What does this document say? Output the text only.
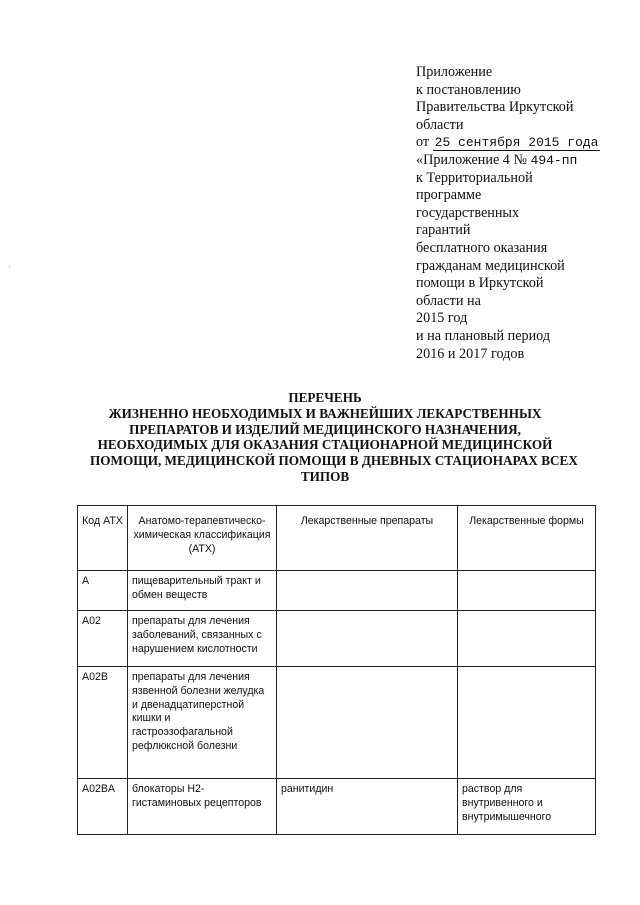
·
Приложение
к постановлению
Правительства Иркутской
области
от 25 сентября 2015 года
«Приложение 4 № 494-пп
к Территориальной
программе
государственных
гарантий
бесплатного оказания
гражданам медицинской
помощи в Иркутской
области на
2015 год
и на плановый период
2016 и 2017 годов
ПЕРЕЧЕНЬ
ЖИЗНЕННО НЕОБХОДИМЫХ И ВАЖНЕЙШИХ ЛЕКАРСТВЕННЫХ
ПРЕПАРАТОВ И ИЗДЕЛИЙ МЕДИЦИНСКОГО НАЗНАЧЕНИЯ,
НЕОБХОДИМЫХ ДЛЯ ОКАЗАНИЯ СТАЦИОНАРНОЙ МЕДИЦИНСКОЙ
ПОМОЩИ, МЕДИЦИНСКОЙ ПОМОЩИ В ДНЕВНЫХ СТАЦИОНАРАХ ВСЕХ
ТИПОВ
Код АТХ	Анатомо-терапевтическо-химическая классификация (АТХ)	Лекарственные препараты	Лекарственные формы
A	пищеварительный тракт и обмен веществ		
A02	препараты для лечения заболеваний, связанных с нарушением кислотности		
A02B	препараты для лечения язвенной болезни желудка и двенадцатиперстной кишки и гастроэзофагальной рефлюксной болезни		
A02BA	блокаторы H2-гистаминовых рецепторов	ранитидин	раствор для внутривенного и внутримышечного
